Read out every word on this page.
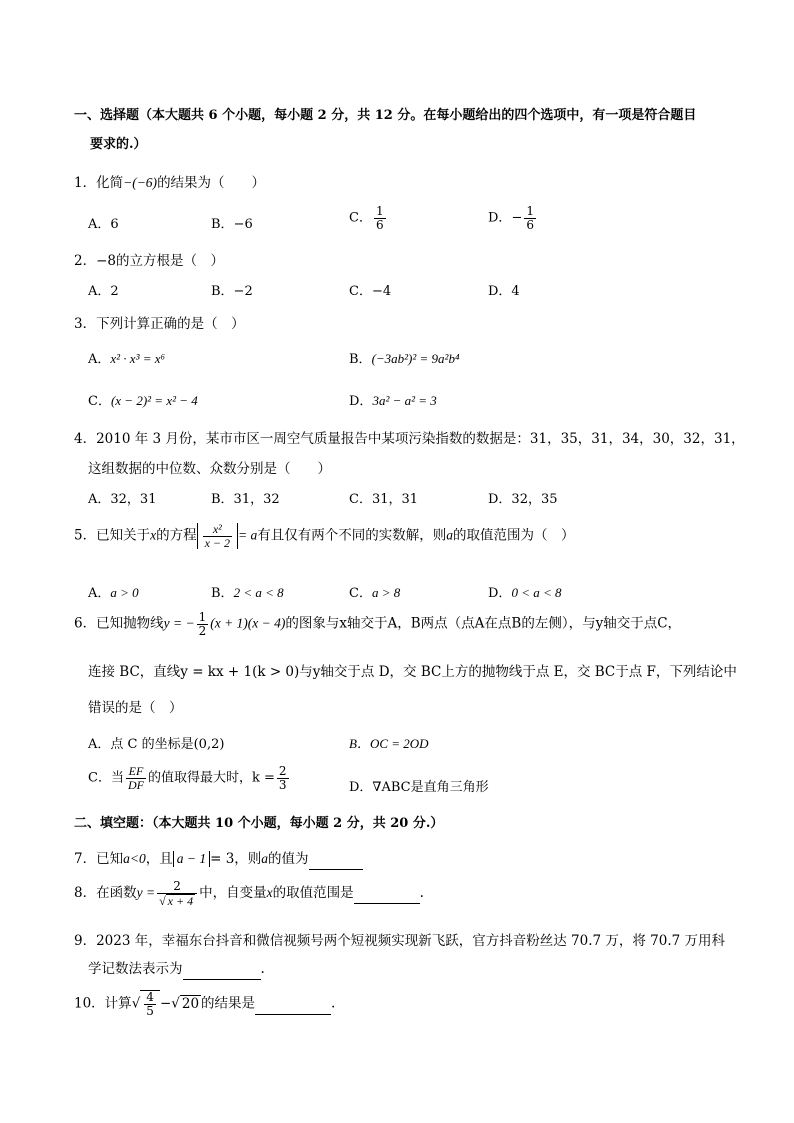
一、选择题（本大题共 6 个小题，每小题 2 分，共 12 分。在每小题给出的四个选项中，有一项是符合题目
要求的.）
1．化简−(−6)的结果为（　　）
A．6	B．−6	C． $\frac{1}{6}$	D．− $\frac{1}{6}$
2．−8的立方根是（　）
A．2	B．−2	C．−4	D．4
3．下列计算正确的是（　）
A．x² · x³ = x⁶	B．(−3ab²)² = 9a²b⁴
C．(x − 2)² = x² − 4	D．3a² − a² = 3
4．2010 年 3 月份，某市市区一周空气质量报告中某项污染指数的数据是：31，35，31，34，30，32，31，
这组数据的中位数、众数分别是（　　）
A．32，31	B．31，32	C．31，31	D．32，35
5．已知关于x的方程 $\frac{\text{x²}}{x - 2} = a$有且仅有两个不同的实数解，则a的取值范围为（　）
A．a > 0	B．2 < a < 8	C．a > 8	D．0 < a < 8
6．已知抛物线y = − $\frac{1}{2} (x + 1)(x - 4)$的图象与x轴交于A，B两点（点A在点B的左侧），与y轴交于点C，
连接 BC，直线y = kx + 1(k > 0)与y轴交于点 D，交 BC上方的抛物线于点 E，交 BC于点 F，下列结论中
错误的是（　）
A．点 C 的坐标是(0,2)	B．OC = 2OD
C．当 $\frac{EF}{DF}$ 的值取得最大时，$k = \frac{2}{3}$	D．∇ABC是直角三角形
二、填空题：（本大题共 10 个小题，每小题 2 分，共 20 分.）
7．已知a<0，且 a − 1 = 3，则a的值为
8．在函数$y = \frac{2}{√ x + 4}$ 中，自变量x的取值范围是	.
9．2023 年，幸福东台抖音和微信视频号两个短视频实现新飞跃，官方抖音粉丝达 70.7 万，将 70.7 万用科
学记数法表示为	.
10．计算√ $\frac{4}{5}$ −√ 20 的结果是	.
